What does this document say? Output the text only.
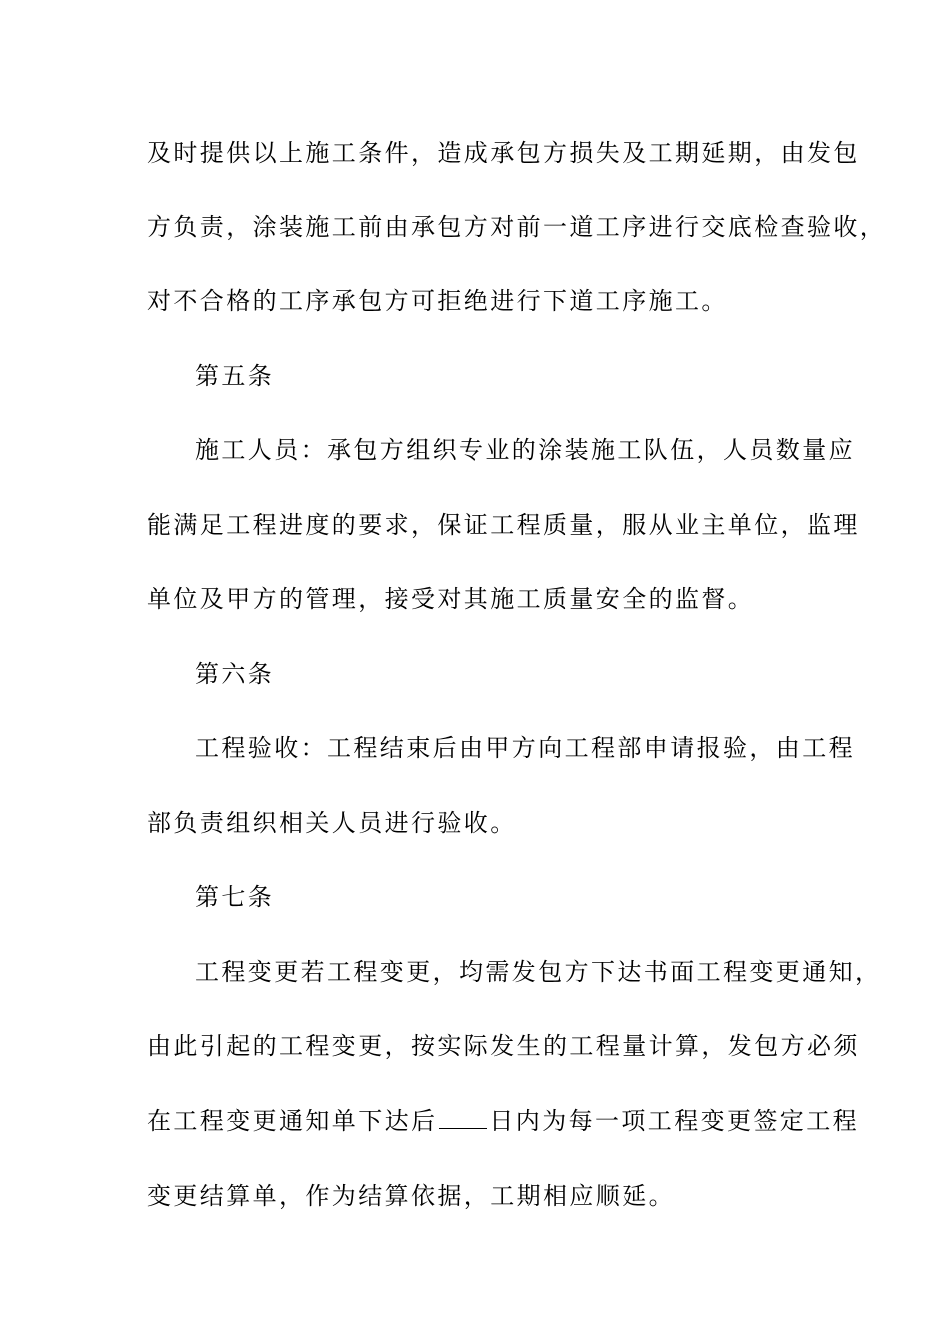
及时提供以上施工条件，造成承包方损失及工期延期，由发包
方负责，涂装施工前由承包方对前一道工序进行交底检查验收，
对不合格的工序承包方可拒绝进行下道工序施工。
第五条
施工人员：承包方组织专业的涂装施工队伍，人员数量应
能满足工程进度的要求，保证工程质量，服从业主单位，监理
单位及甲方的管理，接受对其施工质量安全的监督。
第六条
工程验收：工程结束后由甲方向工程部申请报验，由工程
部负责组织相关人员进行验收。
第七条
工程变更若工程变更，均需发包方下达书面工程变更通知，
由此引起的工程变更，按实际发生的工程量计算，发包方必须
在工程变更通知单下达后 日内为每一项工程变更签定工程
变更结算单，作为结算依据，工期相应顺延。
